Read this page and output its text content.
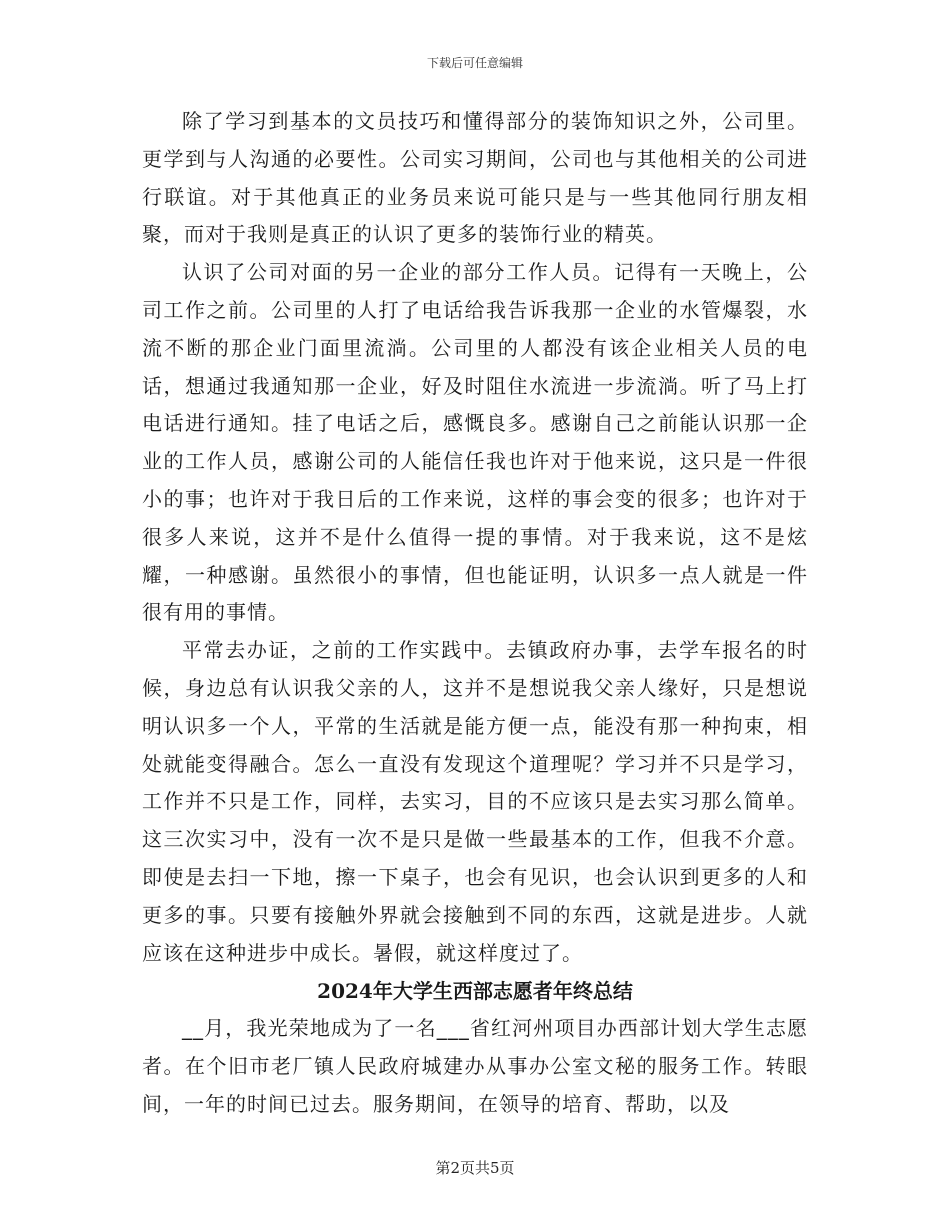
下载后可任意编辑

除了学习到基本的文员技巧和懂得部分的装饰知识之外，公司里。更学到与人沟通的必要性。公司实习期间，公司也与其他相关的公司进行联谊。对于其他真正的业务员来说可能只是与一些其他同行朋友相聚，而对于我则是真正的认识了更多的装饰行业的精英。

认识了公司对面的另一企业的部分工作人员。记得有一天晚上，公司工作之前。公司里的人打了电话给我告诉我那一企业的水管爆裂，水流不断的那企业门面里流淌。公司里的人都没有该企业相关人员的电话，想通过我通知那一企业，好及时阻住水流进一步流淌。听了马上打电话进行通知。挂了电话之后，感慨良多。感谢自己之前能认识那一企业的工作人员，感谢公司的人能信任我也许对于他来说，这只是一件很小的事；也许对于我日后的工作来说，这样的事会变的很多；也许对于很多人来说，这并不是什么值得一提的事情。对于我来说，这不是炫耀，一种感谢。虽然很小的事情，但也能证明，认识多一点人就是一件很有用的事情。

平常去办证，之前的工作实践中。去镇政府办事，去学车报名的时候，身边总有认识我父亲的人，这并不是想说我父亲人缘好，只是想说明认识多一个人，平常的生活就是能方便一点，能没有那一种拘束，相处就能变得融合。怎么一直没有发现这个道理呢？学习并不只是学习，工作并不只是工作，同样，去实习，目的不应该只是去实习那么简单。这三次实习中，没有一次不是只是做一些最基本的工作，但我不介意。即使是去扫一下地，擦一下桌子，也会有见识，也会认识到更多的人和更多的事。只要有接触外界就会接触到不同的东西，这就是进步。人就应该在这种进步中成长。暑假，就这样度过了。

2024年大学生西部志愿者年终总结

__月，我光荣地成为了一名___省红河州项目办西部计划大学生志愿者。在个旧市老厂镇人民政府城建办从事办公室文秘的服务工作。转眼间，一年的时间已过去。服务期间，在领导的培育、帮助，以及

第2页共5页
